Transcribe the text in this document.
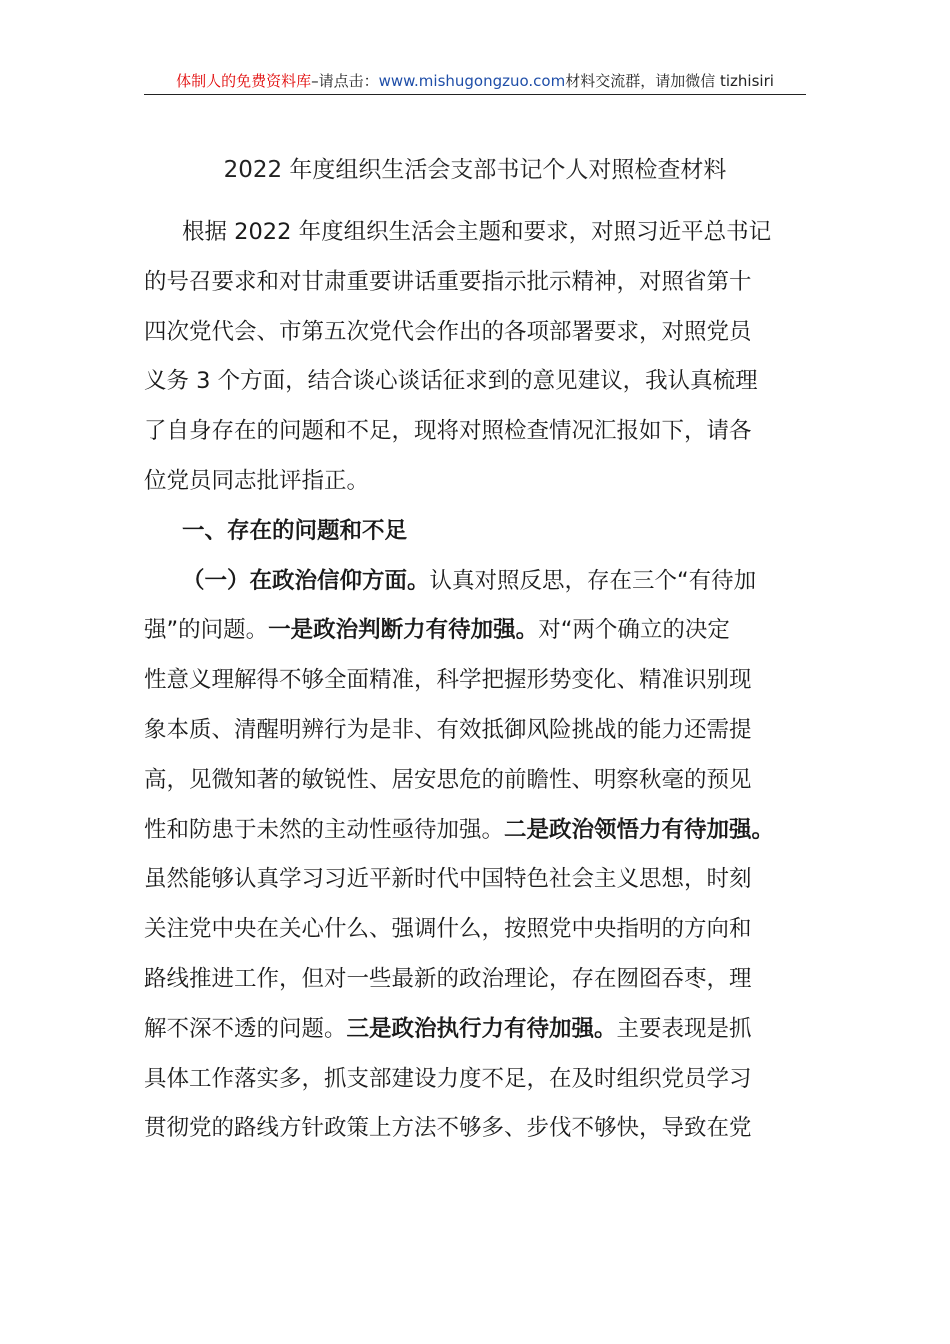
体制人的免费资料库–请点击：www.mishugongzuo.com材料交流群，请加微信 tizhisiri
2022 年度组织生活会支部书记个人对照检查材料
根据 2022 年度组织生活会主题和要求，对照习近平总书记
的号召要求和对甘肃重要讲话重要指示批示精神，对照省第十
四次党代会、市第五次党代会作出的各项部署要求，对照党员
义务 3 个方面，结合谈心谈话征求到的意见建议，我认真梳理
了自身存在的问题和不足，现将对照检查情况汇报如下，请各
位党员同志批评指正。
一、存在的问题和不足
（一）在政治信仰方面。认真对照反思，存在三个“有待加
强”的问题。一是政治判断力有待加强。对“两个确立的决定
性意义理解得不够全面精准，科学把握形势变化、精准识别现
象本质、清醒明辨行为是非、有效抵御风险挑战的能力还需提
高，见微知著的敏锐性、居安思危的前瞻性、明察秋毫的预见
性和防患于未然的主动性亟待加强。二是政治领悟力有待加强。
虽然能够认真学习习近平新时代中国特色社会主义思想，时刻
关注党中央在关心什么、强调什么，按照党中央指明的方向和
路线推进工作，但对一些最新的政治理论，存在囫囵吞枣，理
解不深不透的问题。三是政治执行力有待加强。主要表现是抓
具体工作落实多，抓支部建设力度不足，在及时组织党员学习
贯彻党的路线方针政策上方法不够多、步伐不够快，导致在党
